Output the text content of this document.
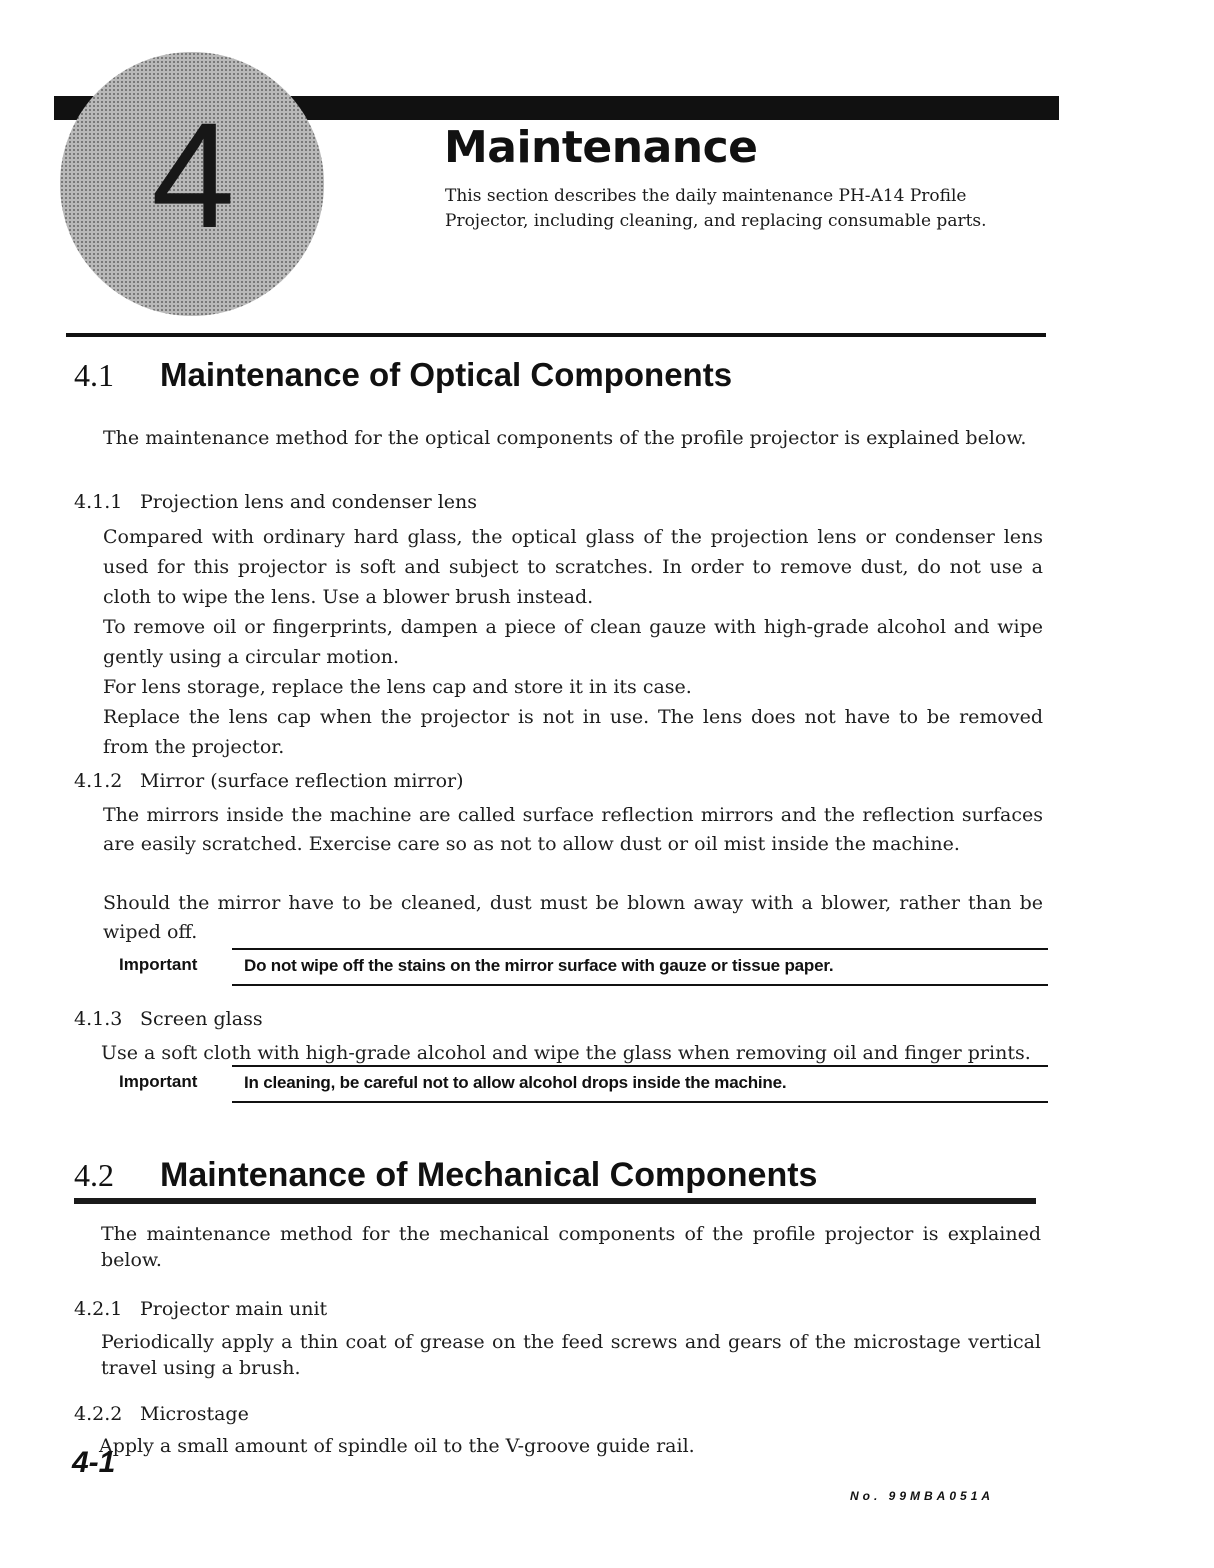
4	Maintenance
This section describes the daily maintenance PH-A14 Profile Projector, including cleaning, and replacing consumable parts.
4.1 Maintenance of Optical Components
The maintenance method for the optical components of the profile projector is explained below.
4.1.1 Projection lens and condenser lens
Compared with ordinary hard glass, the optical glass of the projection lens or condenser lens used for this projector is soft and subject to scratches. In order to remove dust, do not use a cloth to wipe the lens. Use a blower brush instead.
To remove oil or fingerprints, dampen a piece of clean gauze with high-grade alcohol and wipe gently using a circular motion.
For lens storage, replace the lens cap and store it in its case.
Replace the lens cap when the projector is not in use. The lens does not have to be removed from the projector.
4.1.2 Mirror (surface reflection mirror)
The mirrors inside the machine are called surface reflection mirrors and the reflection surfaces are easily scratched. Exercise care so as not to allow dust or oil mist inside the machine.
Should the mirror have to be cleaned, dust must be blown away with a blower, rather than be wiped off.
Important	Do not wipe off the stains on the mirror surface with gauze or tissue paper.
4.1.3 Screen glass
Use a soft cloth with high-grade alcohol and wipe the glass when removing oil and finger prints.
Important	In cleaning, be careful not to allow alcohol drops inside the machine.
4.2 Maintenance of Mechanical Components
The maintenance method for the mechanical components of the profile projector is explained below.
4.2.1 Projector main unit
Periodically apply a thin coat of grease on the feed screws and gears of the microstage vertical travel using a brush.
4.2.2 Microstage
Apply a small amount of spindle oil to the V-groove guide rail.
4-1
No. 99MBA051A
